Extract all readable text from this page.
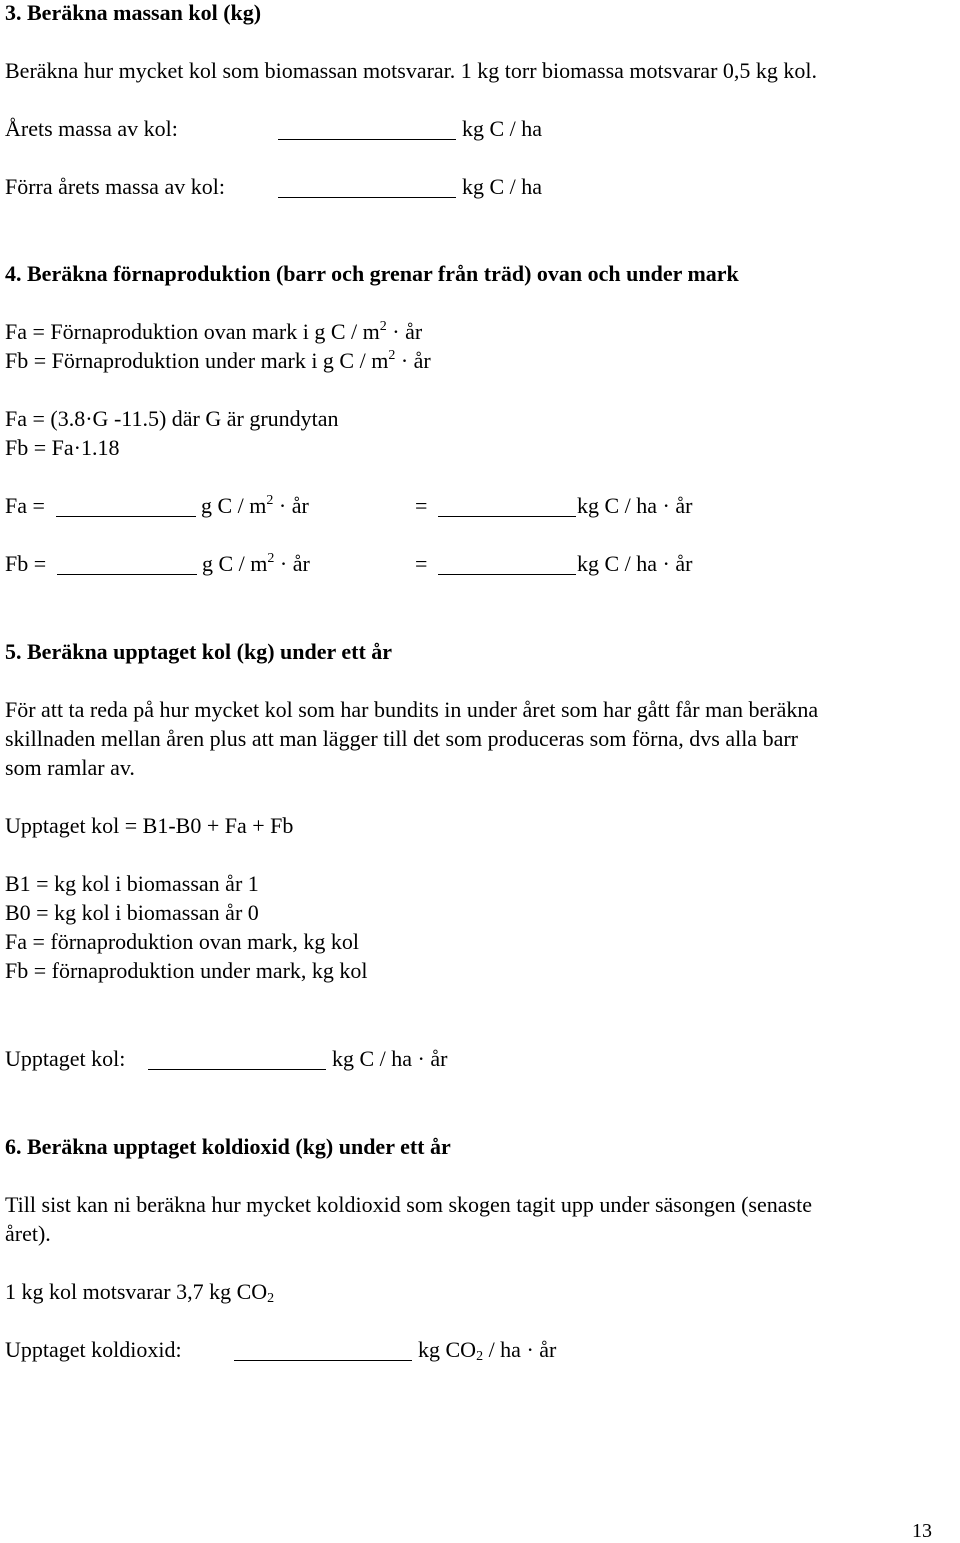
3. Beräkna massan kol (kg)
Beräkna hur mycket kol som biomassan motsvarar. 1 kg torr biomassa motsvarar 0,5 kg kol.
Årets massa av kol:	kg C / ha
Förra årets massa av kol:	kg C / ha
4. Beräkna förnaproduktion (barr och grenar från träd) ovan och under mark
Fa = Förnaproduktion ovan mark i g C / $m^2$ · år
Fb = Förnaproduktion under mark i g C / $m^2$ · år
Fa = (3.8·G -11.5) där G är grundytan
Fb = Fa·1.18
Fa =	g C / $m^2$ · år	=	kg C / ha · år
Fb =	g C / $m^2$ · år	=	kg C / ha · år
5. Beräkna upptaget kol (kg) under ett år
För att ta reda på hur mycket kol som har bundits in under året som har gått får man beräkna
skillnaden mellan åren plus att man lägger till det som produceras som förna, dvs alla barr
som ramlar av.
Upptaget kol = B1-B0 + Fa + Fb
B1 = kg kol i biomassan år 1
B0 = kg kol i biomassan år 0
Fa = förnaproduktion ovan mark, kg kol
Fb = förnaproduktion under mark, kg kol
Upptaget kol:	kg C / ha · år
6. Beräkna upptaget koldioxid (kg) under ett år
Till sist kan ni beräkna hur mycket koldioxid som skogen tagit upp under säsongen (senaste
året).
1 kg kol motsvarar 3,7 kg $CO_2$
Upptaget koldioxid:	kg $CO_2$ / ha · år
13
